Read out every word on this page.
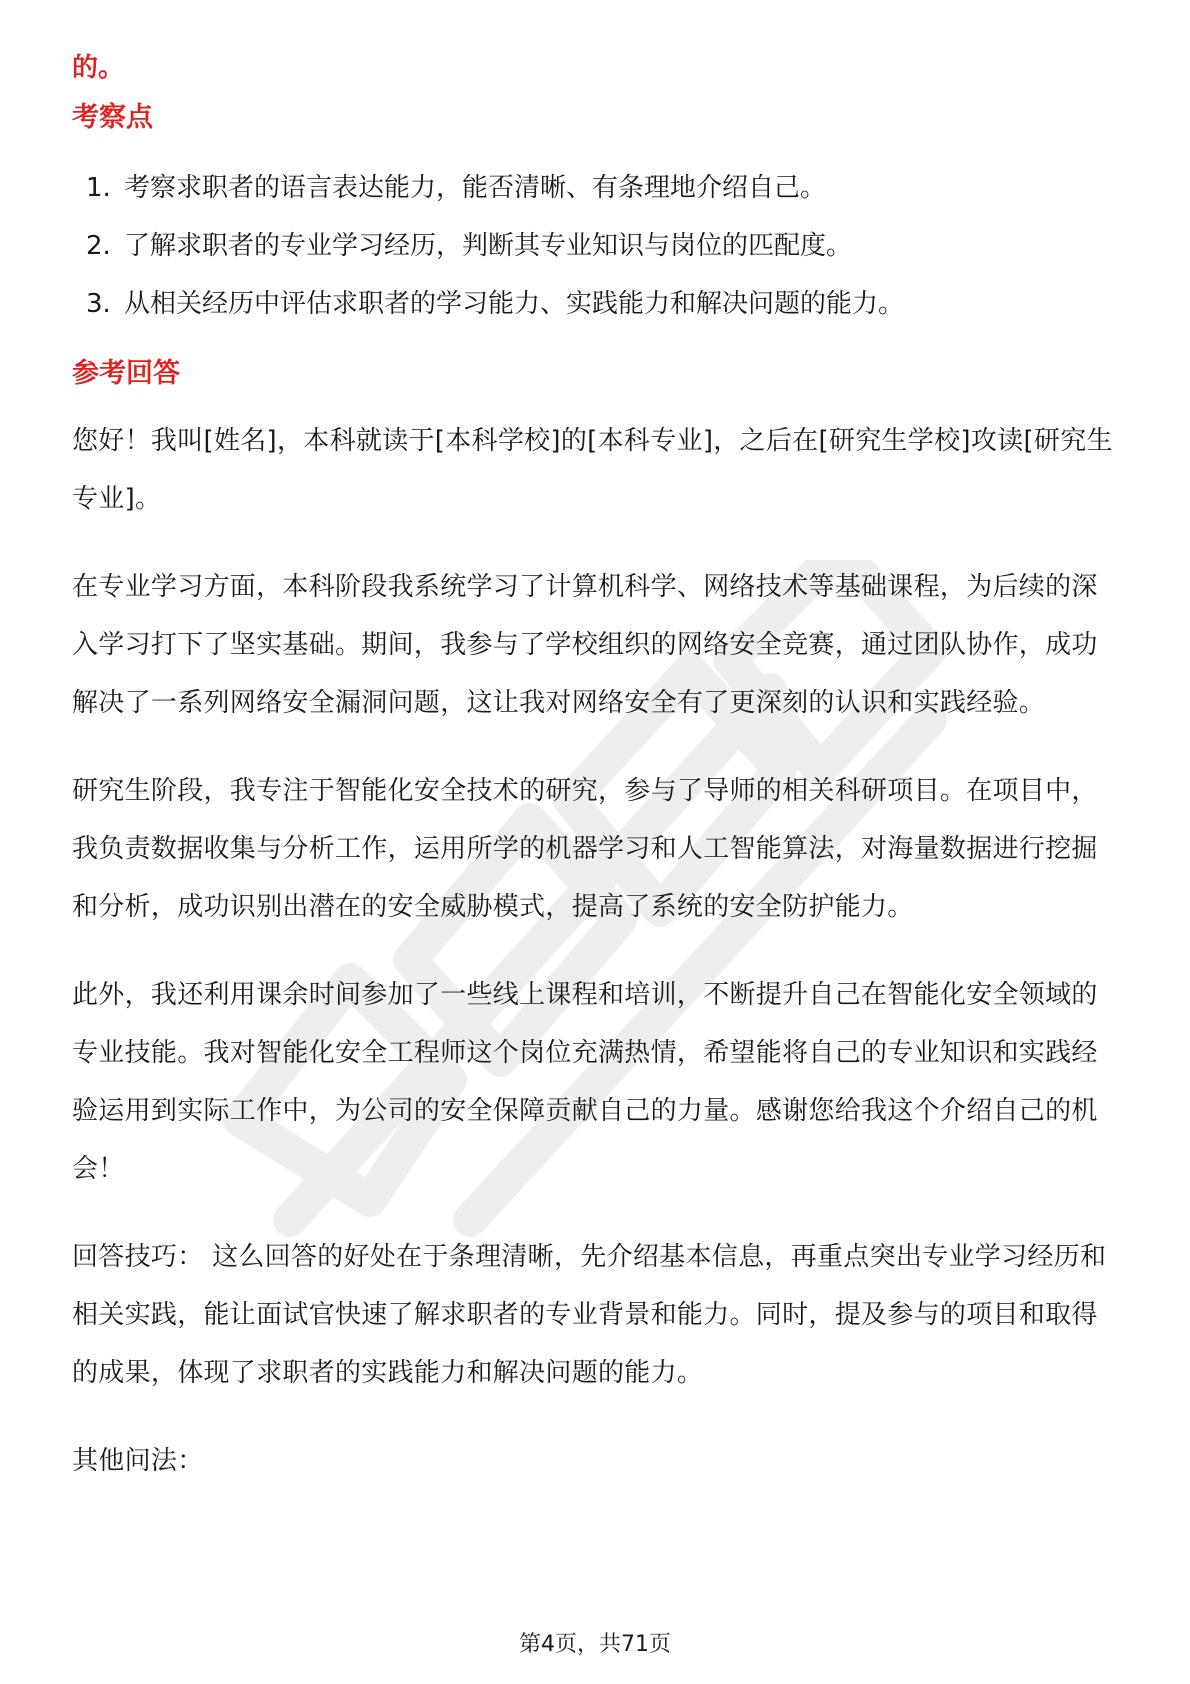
的。
考察点
1. 考察求职者的语言表达能力，能否清晰、有条理地介绍自己。
2. 了解求职者的专业学习经历，判断其专业知识与岗位的匹配度。
3. 从相关经历中评估求职者的学习能力、实践能力和解决问题的能力。
参考回答

您好！我叫[姓名]，本科就读于[本科学校]的[本科专业]，之后在[研究生学校]攻读[研究生专业]。

在专业学习方面，本科阶段我系统学习了计算机科学、网络技术等基础课程，为后续的深入学习打下了坚实基础。期间，我参与了学校组织的网络安全竞赛，通过团队协作，成功解决了一系列网络安全漏洞问题，这让我对网络安全有了更深刻的认识和实践经验。

研究生阶段，我专注于智能化安全技术的研究，参与了导师的相关科研项目。在项目中，我负责数据收集与分析工作，运用所学的机器学习和人工智能算法，对海量数据进行挖掘和分析，成功识别出潜在的安全威胁模式，提高了系统的安全防护能力。

此外，我还利用课余时间参加了一些线上课程和培训，不断提升自己在智能化安全领域的专业技能。我对智能化安全工程师这个岗位充满热情，希望能将自己的专业知识和实践经验运用到实际工作中，为公司的安全保障贡献自己的力量。感谢您给我这个介绍自己的机会！

回答技巧： 这么回答的好处在于条理清晰，先介绍基本信息，再重点突出专业学习经历和相关实践，能让面试官快速了解求职者的专业背景和能力。同时，提及参与的项目和取得的成果，体现了求职者的实践能力和解决问题的能力。

其他问法：

第4页，共71页
